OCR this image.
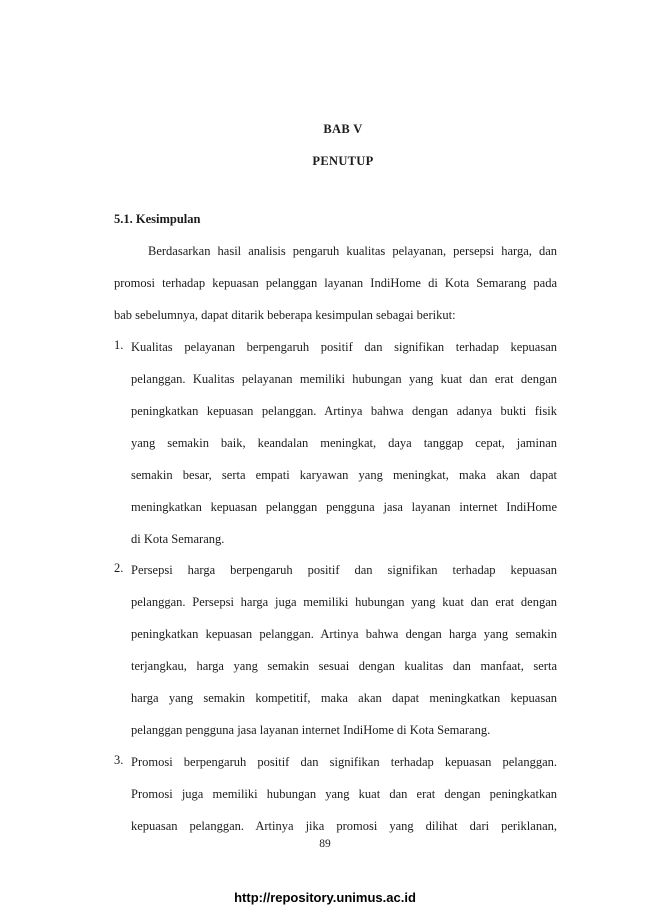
BAB V
PENUTUP
5.1. Kesimpulan
Berdasarkan hasil analisis pengaruh kualitas pelayanan, persepsi harga, dan
promosi terhadap kepuasan pelanggan layanan IndiHome di Kota Semarang pada
bab sebelumnya, dapat ditarik beberapa kesimpulan sebagai berikut:
1. Kualitas pelayanan berpengaruh positif dan signifikan terhadap kepuasan
pelanggan. Kualitas pelayanan memiliki hubungan yang kuat dan erat dengan
peningkatkan kepuasan pelanggan. Artinya bahwa dengan adanya bukti fisik
yang semakin baik, keandalan meningkat, daya tanggap cepat, jaminan
semakin besar, serta empati karyawan yang meningkat, maka akan dapat
meningkatkan kepuasan pelanggan pengguna jasa layanan internet IndiHome
di Kota Semarang.
2. Persepsi harga berpengaruh positif dan signifikan terhadap kepuasan
pelanggan. Persepsi harga juga memiliki hubungan yang kuat dan erat dengan
peningkatkan kepuasan pelanggan. Artinya bahwa dengan harga yang semakin
terjangkau, harga yang semakin sesuai dengan kualitas dan manfaat, serta
harga yang semakin kompetitif, maka akan dapat meningkatkan kepuasan
pelanggan pengguna jasa layanan internet IndiHome di Kota Semarang.
3. Promosi berpengaruh positif dan signifikan terhadap kepuasan pelanggan.
Promosi juga memiliki hubungan yang kuat dan erat dengan peningkatkan
kepuasan pelanggan. Artinya jika promosi yang dilihat dari periklanan,
89
http://repository.unimus.ac.id
